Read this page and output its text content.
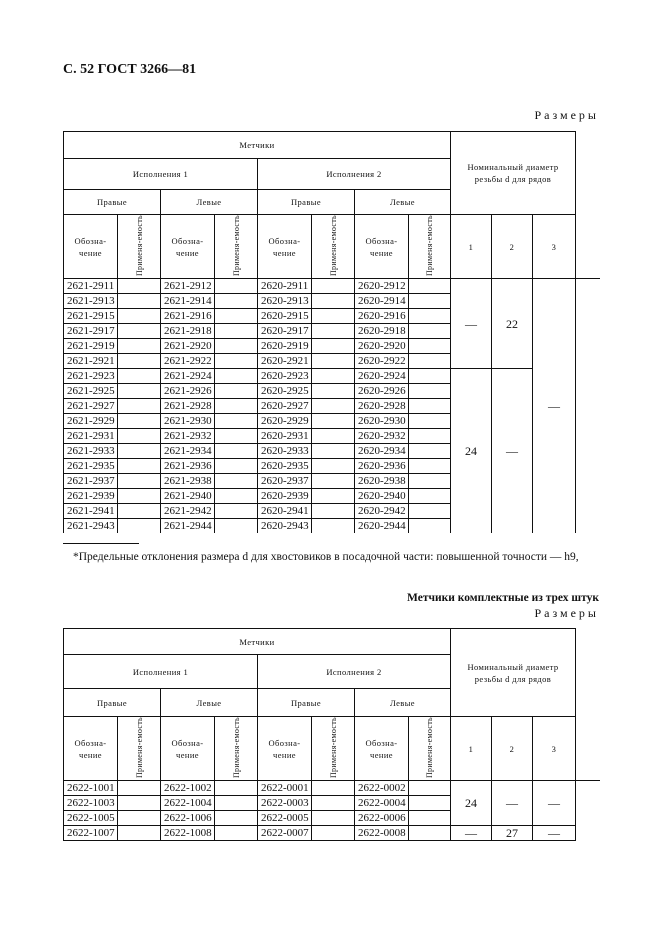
С. 52 ГОСТ 3266—81
Размеры
Метчики								Номинальный диаметр резьбы d для рядов			
Исполнения 1				Исполнения 2							
Правые		Левые		Правые		Левые					
Обозна-чение	Применя-емость	Обозна-чение	Применя-емость	Обозна-чение	Применя-емость	Обозна-чение	Применя-емость	1	2	3	
2621-2911		2621-2912		2620-2911		2620-2912		—	22	—	
2621-2913		2621-2914		2620-2913		2620-2914					
2621-2915		2621-2916		2620-2915		2620-2916					
2621-2917		2621-2918		2620-2917		2620-2918					
2621-2919		2621-2920		2620-2919		2620-2920					
2621-2921		2621-2922		2620-2921		2620-2922					
2621-2923		2621-2924		2620-2923		2620-2924		24	—		
2621-2925		2621-2926		2620-2925		2620-2926					
2621-2927		2621-2928		2620-2927		2620-2928					
2621-2929		2621-2930		2620-2929		2620-2930					
2621-2931		2621-2932		2620-2931		2620-2932					
2621-2933		2621-2934		2620-2933		2620-2934					
2621-2935		2621-2936		2620-2935		2620-2936					
2621-2937		2621-2938		2620-2937		2620-2938					
2621-2939		2621-2940		2620-2939		2620-2940					
2621-2941		2621-2942		2620-2941		2620-2942					
2621-2943		2621-2944		2620-2943		2620-2944					
*Предельные отклонения размера d для хвостовиков в посадочной части: повышенной точности — h9,
Метчики комплектные из трех штук
Размеры
Метчики								Номинальный диаметр резьбы d для рядов			
Исполнения 1				Исполнения 2							
Правые		Левые		Правые		Левые					
Обозна-чение	Применя-емость	Обозна-чение	Применя-емость	Обозна-чение	Применя-емость	Обозна-чение	Применя-емость	1	2	3	
2622-1001		2622-1002		2622-0001		2622-0002		24	—	—	
2622-1003		2622-1004		2622-0003		2622-0004					
2622-1005		2622-1006		2622-0005		2622-0006					
2622-1007		2622-1008		2622-0007		2622-0008		—	27	—	
